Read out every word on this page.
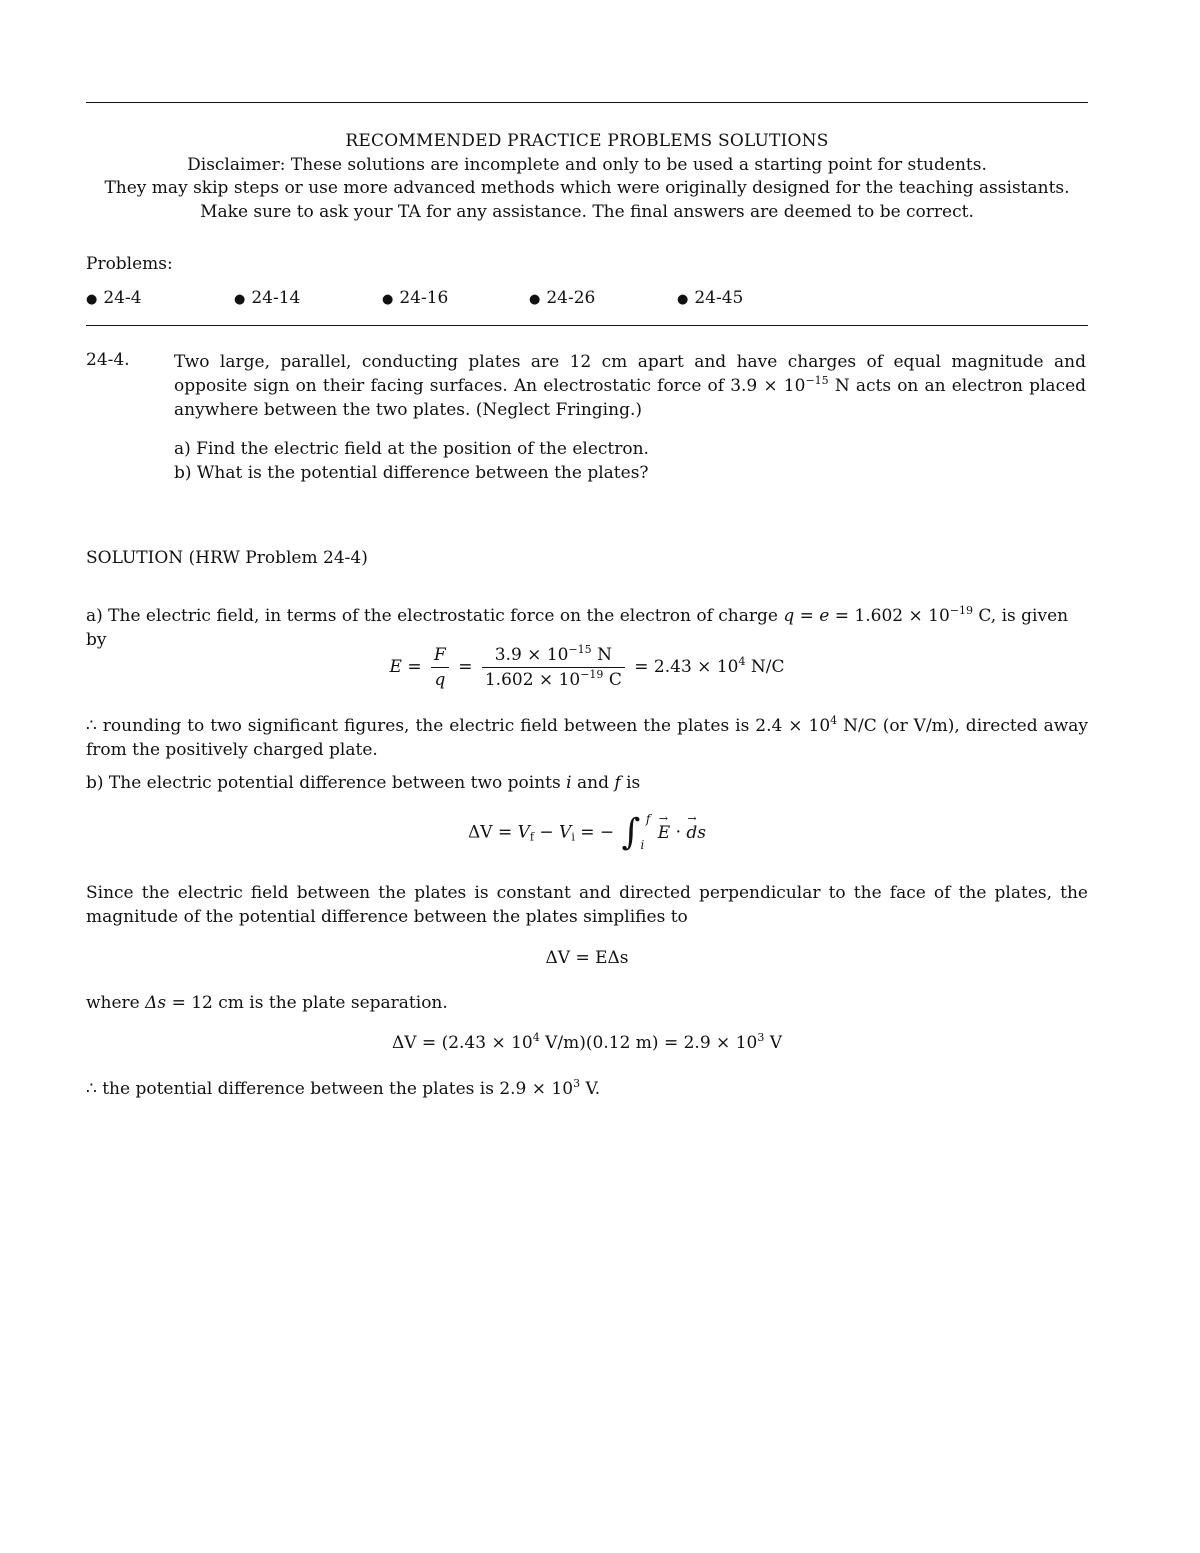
RECOMMENDED PRACTICE PROBLEMS SOLUTIONS
Disclaimer: These solutions are incomplete and only to be used a starting point for students.
They may skip steps or use more advanced methods which were originally designed for the teaching assistants.
Make sure to ask your TA for any assistance. The final answers are deemed to be correct.
Problems:
● 24-4	● 24-14	● 24-16	● 24-26	● 24-45
24-4.	Two large, parallel, conducting plates are 12 cm apart and have charges of equal magnitude and opposite sign on their facing surfaces. An electrostatic force of $3.9 \times 10^{-15}$ N acts on an electron placed anywhere between the two plates. (Neglect Fringing.)
a) Find the electric field at the position of the electron.
b) What is the potential difference between the plates?
SOLUTION (HRW Problem 24-4)
a) The electric field, in terms of the electrostatic force on the electron of charge $q = e = 1.602 \times 10^{-19}$ C, is given by
$E = \frac{F}{q} = \frac{3.9 \times 10^{-15} N}{1.602 \times 10^{-19} C} = 2.43 \times 10^4$ N/C
∴ rounding to two significant figures, the electric field between the plates is $2.4 \times 10^4$ N/C (or V/m), directed away from the positively charged plate.
b) The electric potential difference between two points i and f is
$\Delta V = V_f - V_i$ = − ∫ f
i
→ E · → ds
Since the electric field between the plates is constant and directed perpendicular to the face of the plates, the magnitude of the potential difference between the plates simplifies to
ΔV = EΔs
where Δs = 12 cm is the plate separation.
$\Delta V = (2.43 \times 10^4$ V/m)(0.12 $m) = 2.9 \times 10^3$ V
∴ the potential difference between the plates is $2.9 \times 10^3$ V.
